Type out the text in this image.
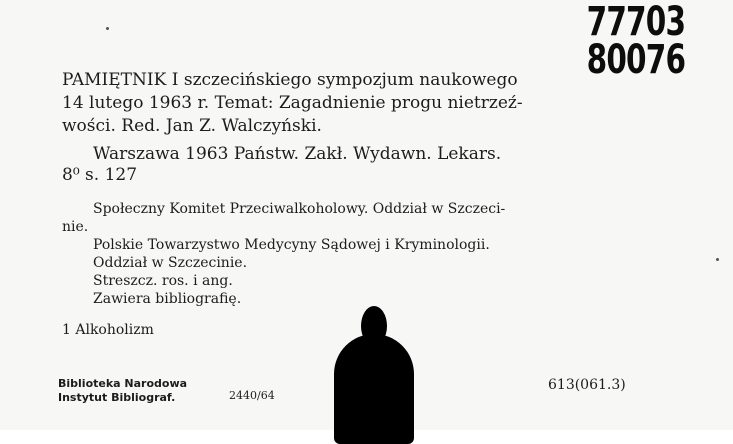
77703
80076
PAMIĘTNIK I szczecińskiego sympozjum naukowego
14 lutego 1963 r. Temat: Zagadnienie progu nietrzeź-
wości. Red. Jan Z. Walczyński.
Warszawa 1963 Państw. Zakł. Wydawn. Lekars.
8⁰ s. 127
Społeczny Komitet Przeciwalkoholowy. Oddział w Szczeci-
nie.
Polskie Towarzystwo Medycyny Sądowej i Kryminologii.
Oddział w Szczecinie.
Streszcz. ros. i ang.
Zawiera bibliografię.
1 Alkoholizm
Biblioteka Narodowa
Instytut Bibliograf.	2440/64
613(061.3)
